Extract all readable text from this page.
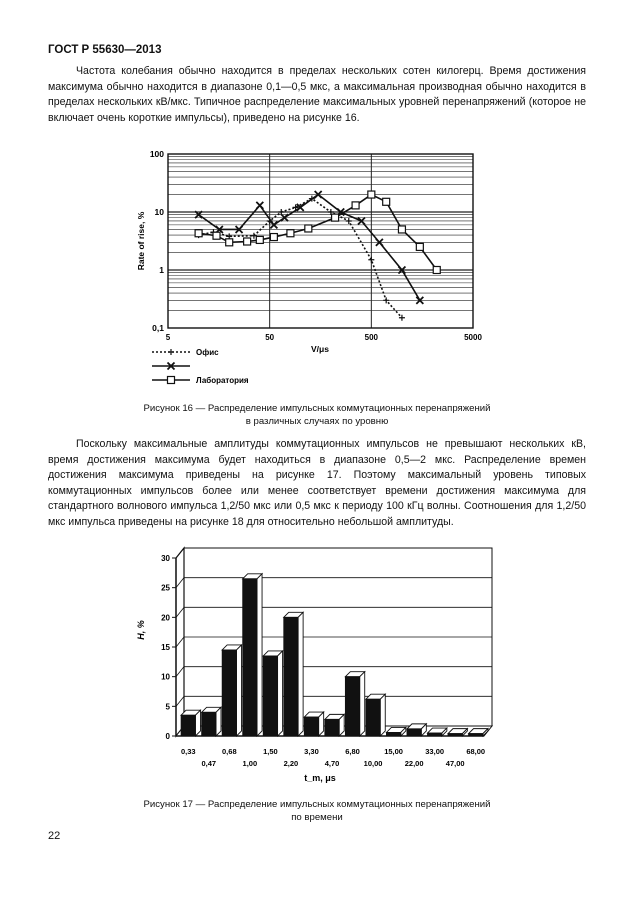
ГОСТ Р 55630—2013

Частота колебания обычно находится в пределах нескольких сотен килогерц. Время достижения максимума обычно находится в диапазоне 0,1—0,5 мкс, а максимальная производная обычно находится в пределах нескольких кВ/мкс. Типичное распределение максимальных уровней перенапряжений (которое не включает очень короткие импульсы), приведено на рисунке 16.

0,1
1
10
100
5	50	500	5000
V/μs
Rate of rise, %
Офис
Лаборатория
Рисунок 16 — Распределение импульсных коммутационных перенапряжений
в различных случаях по уровню

Поскольку максимальные амплитуды коммутационных импульсов не превышают нескольких кВ, время достижения максимума будет находиться в диапазоне 0,5—2 мкс. Распределение времен достижения максимума приведены на рисунке 17. Поэтому максимальный уровень типовых коммутационных импульсов более или менее соответствует времени достижения максимума для стандартного волнового импульса 1,2/50 мкс или 0,5 мкс к периоду 100 кГц волны. Соотношения для 1,2/50 мкс импульса приведены на рисунке 18 для относительно небольшой амплитуды.

0
5
10
15
20
25
30
0,33
0,47
0,68
1,00
1,50
2,20
3,30
4,70
6,80
10,00
15,00
22,00
33,00
47,00
68,00
H, %
t_m, μs
Рисунок 17 — Распределение импульсных коммутационных перенапряжений
по времени
22
